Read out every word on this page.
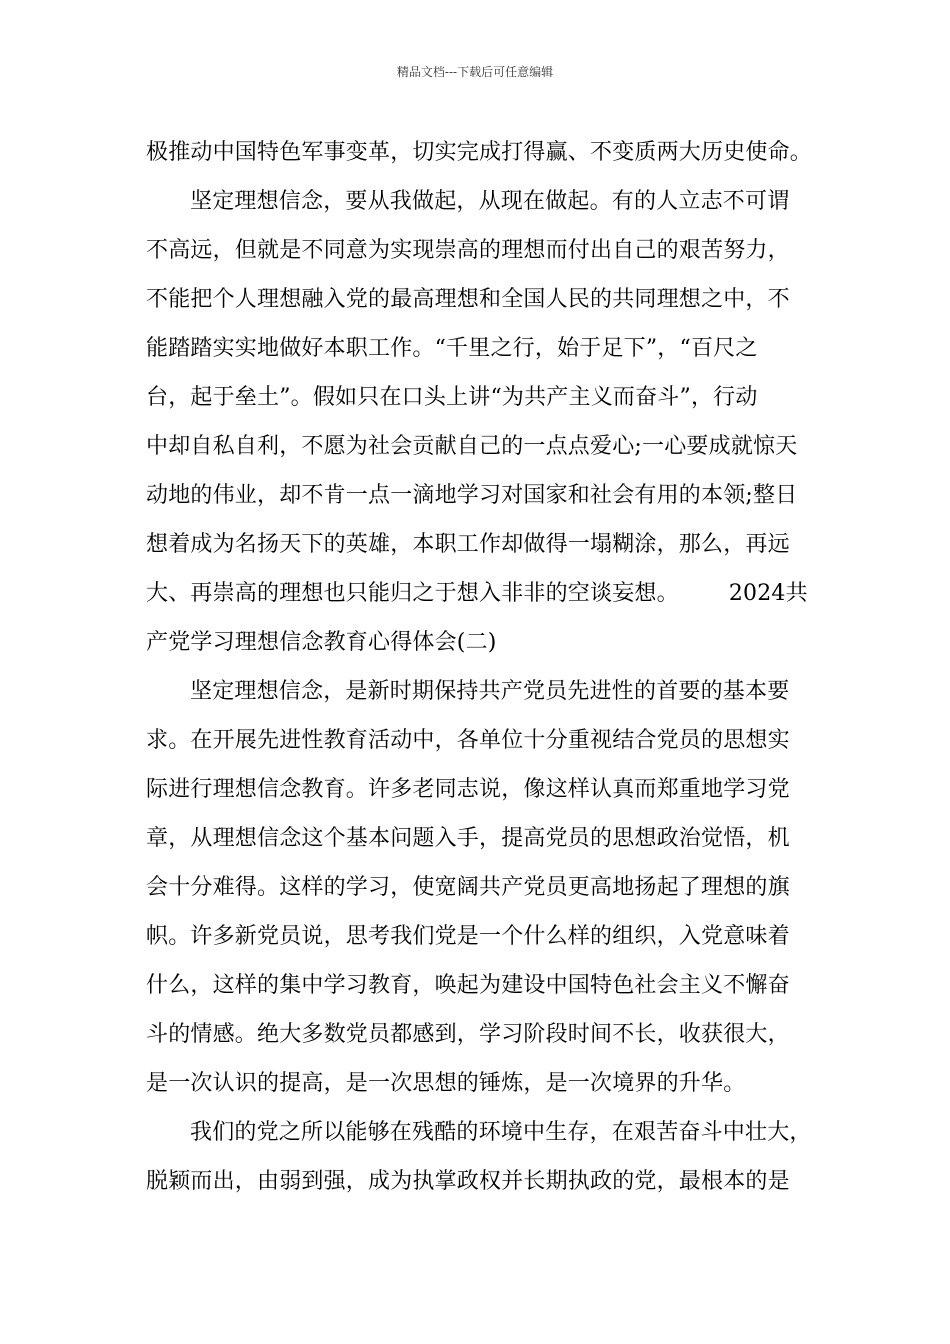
精品文档---下载后可任意编辑
极推动中国特色军事变革，切实完成打得赢、不变质两大历史使命。
坚定理想信念，要从我做起，从现在做起。有的人立志不可谓
不高远，但就是不同意为实现崇高的理想而付出自己的艰苦努力，
不能把个人理想融入党的最高理想和全国人民的共同理想之中，不
能踏踏实实地做好本职工作。“千里之行，始于足下”，“百尺之
台，起于垒土”。假如只在口头上讲“为共产主义而奋斗”，行动
中却自私自利，不愿为社会贡献自己的一点点爱心;一心要成就惊天
动地的伟业，却不肯一点一滴地学习对国家和社会有用的本领;整日
想着成为名扬天下的英雄，本职工作却做得一塌糊涂，那么，再远
大、再崇高的理想也只能归之于想入非非的空谈妄想。 2024共
产党学习理想信念教育心得体会(二)
坚定理想信念，是新时期保持共产党员先进性的首要的基本要
求。在开展先进性教育活动中，各单位十分重视结合党员的思想实
际进行理想信念教育。许多老同志说，像这样认真而郑重地学习党
章，从理想信念这个基本问题入手，提高党员的思想政治觉悟，机
会十分难得。这样的学习，使宽阔共产党员更高地扬起了理想的旗
帜。许多新党员说，思考我们党是一个什么样的组织，入党意味着
什么，这样的集中学习教育，唤起为建设中国特色社会主义不懈奋
斗的情感。绝大多数党员都感到，学习阶段时间不长，收获很大，
是一次认识的提高，是一次思想的锤炼，是一次境界的升华。
我们的党之所以能够在残酷的环境中生存，在艰苦奋斗中壮大，
脱颖而出，由弱到强，成为执掌政权并长期执政的党，最根本的是
